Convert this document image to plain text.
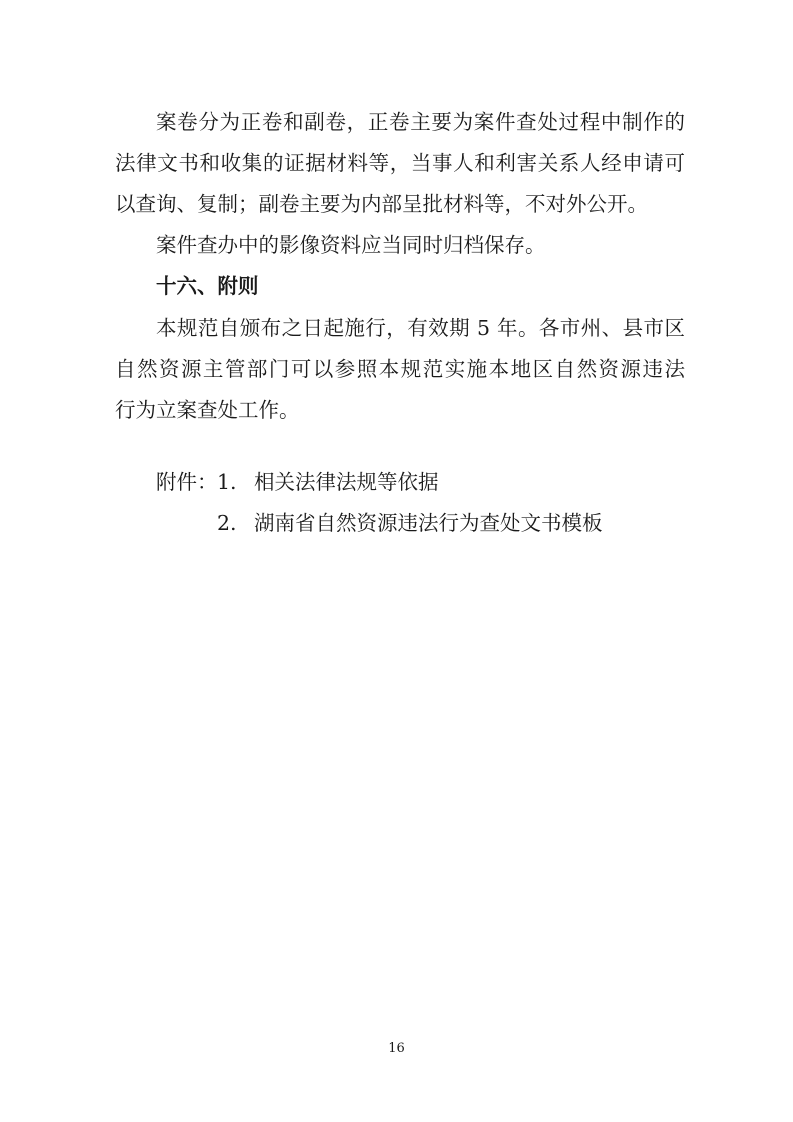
案卷分为正卷和副卷，正卷主要为案件查处过程中制作的
法律文书和收集的证据材料等，当事人和利害关系人经申请可
以查询、复制；副卷主要为内部呈批材料等，不对外公开。
案件查办中的影像资料应当同时归档保存。
十六、附则
本规范自颁布之日起施行，有效期 5 年。各市州、县市区
自然资源主管部门可以参照本规范实施本地区自然资源违法
行为立案查处工作。
附件： 1. 相关法律法规等依据
2. 湖南省自然资源违法行为查处文书模板
16
